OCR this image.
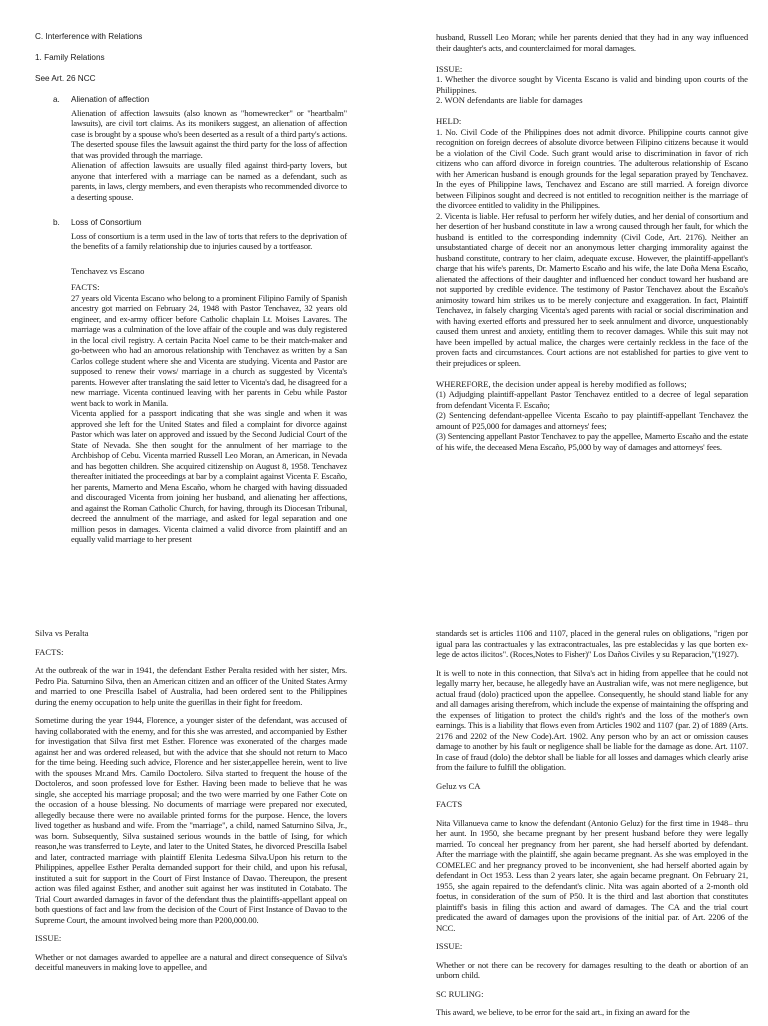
C. Interference with Relations

1. Family Relations

See Art. 26 NCC

a.	Alienation of affection

Alienation of affection lawsuits (also known as "homewrecker" or "heartbalm" lawsuits), are civil tort claims. As its monikers suggest, an alienation of affection case is brought by a spouse who's been deserted as a result of a third party's actions. The deserted spouse files the lawsuit against the third party for the loss of affection that was provided through the marriage.

Alienation of affection lawsuits are usually filed against third-party lovers, but anyone that interfered with a marriage can be named as a defendant, such as parents, in laws, clergy members, and even therapists who recommended divorce to a deserting spouse.

b.	Loss of Consortium

Loss of consortium is a term used in the law of torts that refers to the deprivation of the benefits of a family relationship due to injuries caused by a tortfeasor.

Tenchavez vs Escano

FACTS:

27 years old Vicenta Escano who belong to a prominent Filipino Family of Spanish ancestry got married on February 24, 1948 with Pastor Tenchavez, 32 years old engineer, and ex-army officer before Catholic chaplain Lt. Moises Lavares. The marriage was a culmination of the love affair of the couple and was duly registered in the local civil registry. A certain Pacita Noel came to be their match-maker and go-between who had an amorous relationship with Tenchavez as written by a San Carlos college student where she and Vicenta are studying. Vicenta and Pastor are supposed to renew their vows/ marriage in a church as suggested by Vicenta's parents. However after translating the said letter to Vicenta's dad, he disagreed for a new marriage. Vicenta continued leaving with her parents in Cebu while Pastor went back to work in Manila.

Vicenta applied for a passport indicating that she was single and when it was approved she left for the United States and filed a complaint for divorce against Pastor which was later on approved and issued by the Second Judicial Court of the State of Nevada. She then sought for the annulment of her marriage to the Archbishop of Cebu. Vicenta married Russell Leo Moran, an American, in Nevada and has begotten children. She acquired citizenship on August 8, 1958. Tenchavez thereafter initiated the proceedings at bar by a complaint against Vicenta F. Escaño, her parents, Mamerto and Mena Escaño, whom he charged with having dissuaded and discouraged Vicenta from joining her husband, and alienating her affections, and against the Roman Catholic Church, for having, through its Diocesan Tribunal, decreed the annulment of the marriage, and asked for legal separation and one million pesos in damages. Vicenta claimed a valid divorce from plaintiff and an equally valid marriage to her present

husband, Russell Leo Moran; while her parents denied that they had in any way influenced their daughter's acts, and counterclaimed for moral damages.

ISSUE:

1. Whether the divorce sought by Vicenta Escano is valid and binding upon courts of the Philippines.

2. WON defendants are liable for damages

HELD:

1. No. Civil Code of the Philippines does not admit divorce. Philippine courts cannot give recognition on foreign decrees of absolute divorce between Filipino citizens because it would be a violation of the Civil Code. Such grant would arise to discrimination in favor of rich citizens who can afford divorce in foreign countries. The adulterous relationship of Escano with her American husband is enough grounds for the legal separation prayed by Tenchavez. In the eyes of Philippine laws, Tenchavez and Escano are still married. A foreign divorce between Filipinos sought and decreed is not entitled to recognition neither is the marriage of the divorcee entitled to validity in the Philippines.

2. Vicenta is liable. Her refusal to perform her wifely duties, and her denial of consortium and her desertion of her husband constitute in law a wrong caused through her fault, for which the husband is entitled to the corresponding indemnity (Civil Code, Art. 2176). Neither an unsubstantiated charge of deceit nor an anonymous letter charging immorality against the husband constitute, contrary to her claim, adequate excuse. However, the plaintiff-appellant's charge that his wife's parents, Dr. Mamerto Escaño and his wife, the late Doña Mena Escaño, alienated the affections of their daughter and influenced her conduct toward her husband are not supported by credible evidence. The testimony of Pastor Tenchavez about the Escaño's animosity toward him strikes us to be merely conjecture and exaggeration. In fact, Plaintiff Tenchavez, in falsely charging Vicenta's aged parents with racial or social discrimination and with having exerted efforts and pressured her to seek annulment and divorce, unquestionably caused them unrest and anxiety, entitling them to recover damages. While this suit may not have been impelled by actual malice, the charges were certainly reckless in the face of the proven facts and circumstances. Court actions are not established for parties to give vent to their prejudices or spleen.

WHEREFORE, the decision under appeal is hereby modified as follows;

(1) Adjudging plaintiff-appellant Pastor Tenchavez entitled to a decree of legal separation from defendant Vicenta F. Escaño;

(2) Sentencing defendant-appellee Vicenta Escaño to pay plaintiff-appellant Tenchavez the amount of P25,000 for damages and attorneys' fees;

(3) Sentencing appellant Pastor Tenchavez to pay the appellee, Mamerto Escaño and the estate of his wife, the deceased Mena Escaño, P5,000 by way of damages and attorneys' fees.

Silva vs Peralta

FACTS:

At the outbreak of the war in 1941, the defendant Esther Peralta resided with her sister, Mrs. Pedro Pia. Saturnino Silva, then an American citizen and an officer of the United States Army and married to one Prescilla Isabel of Australia, had been ordered sent to the Philippines during the enemy occupation to help unite the guerillas in their fight for freedom.

Sometime during the year 1944, Florence, a younger sister of the defendant, was accused of having collaborated with the enemy, and for this she was arrested, and accompanied by Esther for investigation that Silva first met Esther. Florence was exonerated of the charges made against her and was ordered released, but with the advice that she should not return to Maco for the time being. Heeding such advice, Florence and her sister,appellee herein, went to live with the spouses Mr.and Mrs. Camilo Doctolero. Silva started to frequent the house of the Doctoleros, and soon professed love for Esther. Having been made to believe that he was single, she accepted his marriage proposal; and the two were married by one Father Cote on the occasion of a house blessing. No documents of marriage were prepared nor executed, allegedly because there were no available printed forms for the purpose. Hence, the lovers lived together as husband and wife. From the "marriage", a child, named Saturnino Silva, Jr., was born. Subsequently, Silva sustained serious wounds in the battle of Ising, for which reason,he was transferred to Leyte, and later to the United States, he divorced Prescilla Isabel and later, contracted marriage with plaintiff Elenita Ledesma Silva.Upon his return to the Philippines, appellee Esther Peralta demanded support for their child, and upon his refusal, instituted a suit for support in the Court of First Instance of Davao. Thereupon, the present action was filed against Esther, and another suit against her was instituted in Cotabato. The Trial Court awarded damages in favor of the defendant thus the plaintiffs-appellant appeal on both questions of fact and law from the decision of the Court of First Instance of Davao to the Supreme Court, the amount involved being more than P200,000.00.

ISSUE:

Whether or not damages awarded to appellee are a natural and direct consequence of Silva's deceitful maneuvers in making love to appellee, and

standards set is articles 1106 and 1107, placed in the general rules on obligations, "rigen por igual para las contractuales y las extracontractuales, las pre establecidas y las que borten ex-lege de actos ilicitos". (Roces,Notes to Fisher)" Los Daños Civiles y su Reparacion,"(1927).

It is well to note in this connection, that Silva's act in hiding from appellee that he could not legally marry her, because, he allegedly have an Australian wife, was not mere negligence, but actual fraud (dolo) practiced upon the appellee. Consequently, he should stand liable for any and all damages arising therefrom, which include the expense of maintaining the offspring and the expenses of litigation to protect the child's right's and the loss of the mother's own earnings. This is a liability that flows even from Articles 1902 and 1107 (par. 2) of 1889 (Arts. 2176 and 2202 of the New Code).Art. 1902. Any person who by an act or omission causes damage to another by his fault or negligence shall be liable for the damage as done. Art. 1107. In case of fraud (dolo) the debtor shall be liable for all losses and damages which clearly arise from the failure to fulfill the obligation.

Geluz vs CA

FACTS

Nita Villanueva came to know the defendant (Antonio Geluz) for the first time in 1948– thru her aunt. In 1950, she became pregnant by her present husband before they were legally married. To conceal her pregnancy from her parent, she had herself aborted by defendant. After the marriage with the plaintiff, she again became pregnant. As she was employed in the COMELEC and her pregnancy proved to be inconvenient, she had herself aborted again by defendant in Oct 1953. Less than 2 years later, she again became pregnant. On February 21, 1955, she again repaired to the defendant's clinic. Nita was again aborted of a 2-month old foetus, in consideration of the sum of P50. It is the third and last abortion that constitutes plaintiff's basis in filing this action and award of damages. The CA and the trial court predicated the award of damages upon the provisions of the initial par. of Art. 2206 of the NCC.

ISSUE:

Whether or not there can be recovery for damages resulting to the death or abortion of an unborn child.

SC RULING:

This award, we believe, to be error for the said art., in fixing an award for the
